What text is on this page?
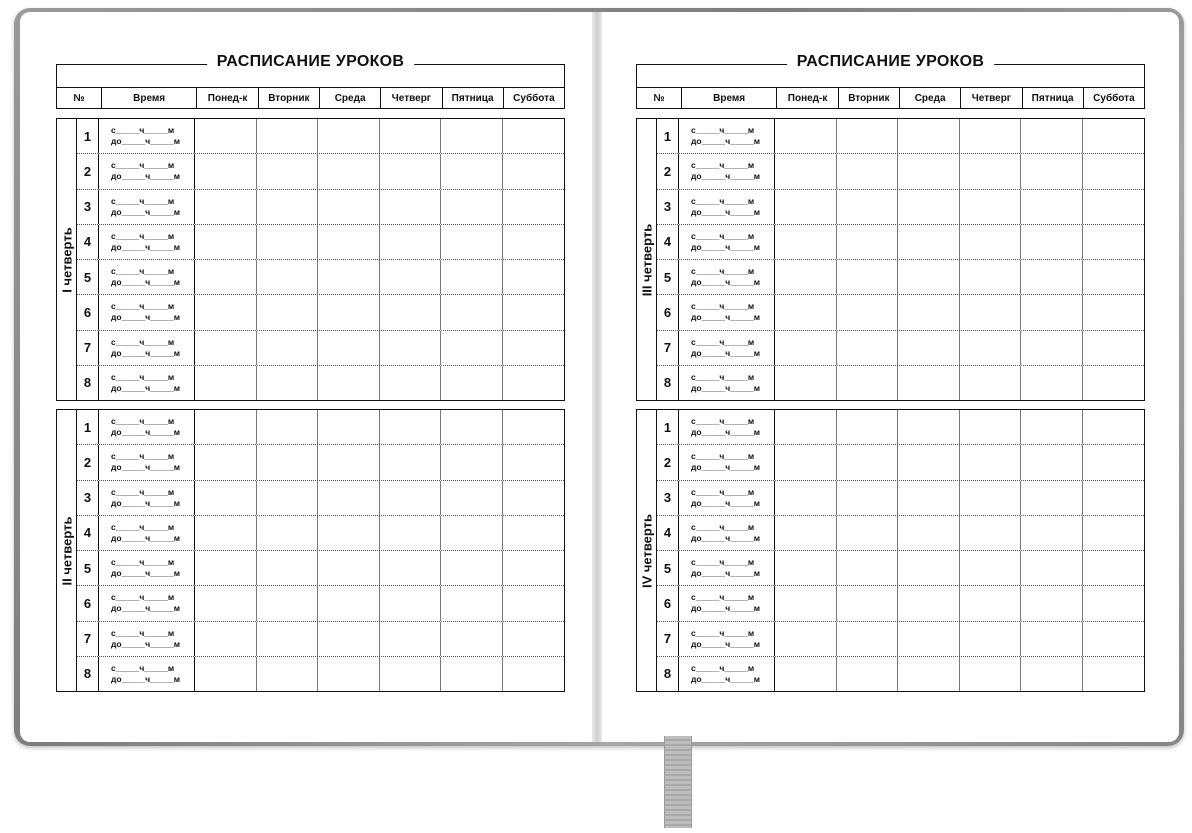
РАСПИСАНИЕ УРОКОВ
№	Время	Понед-к	Вторник	Среда	Четверг	Пятница	Суббота
I четверть
1	с_____ч_____м
до_____ч_____м
2	с_____ч_____м
до_____ч_____м
3	с_____ч_____м
до_____ч_____м
4	с_____ч_____м
до_____ч_____м
5	с_____ч_____м
до_____ч_____м
6	с_____ч_____м
до_____ч_____м
7	с_____ч_____м
до_____ч_____м
8	с_____ч_____м
до_____ч_____м
II четверть
1	с_____ч_____м
до_____ч_____м
2	с_____ч_____м
до_____ч_____м
3	с_____ч_____м
до_____ч_____м
4	с_____ч_____м
до_____ч_____м
5	с_____ч_____м
до_____ч_____м
6	с_____ч_____м
до_____ч_____м
7	с_____ч_____м
до_____ч_____м
8	с_____ч_____м
до_____ч_____м
РАСПИСАНИЕ УРОКОВ
№	Время	Понед-к	Вторник	Среда	Четверг	Пятница	Суббота
III четверть
1	с_____ч_____м
до_____ч_____м
2	с_____ч_____м
до_____ч_____м
3	с_____ч_____м
до_____ч_____м
4	с_____ч_____м
до_____ч_____м
5	с_____ч_____м
до_____ч_____м
6	с_____ч_____м
до_____ч_____м
7	с_____ч_____м
до_____ч_____м
8	с_____ч_____м
до_____ч_____м
IV четверть
1	с_____ч_____м
до_____ч_____м
2	с_____ч_____м
до_____ч_____м
3	с_____ч_____м
до_____ч_____м
4	с_____ч_____м
до_____ч_____м
5	с_____ч_____м
до_____ч_____м
6	с_____ч_____м
до_____ч_____м
7	с_____ч_____м
до_____ч_____м
8	с_____ч_____м
до_____ч_____м
